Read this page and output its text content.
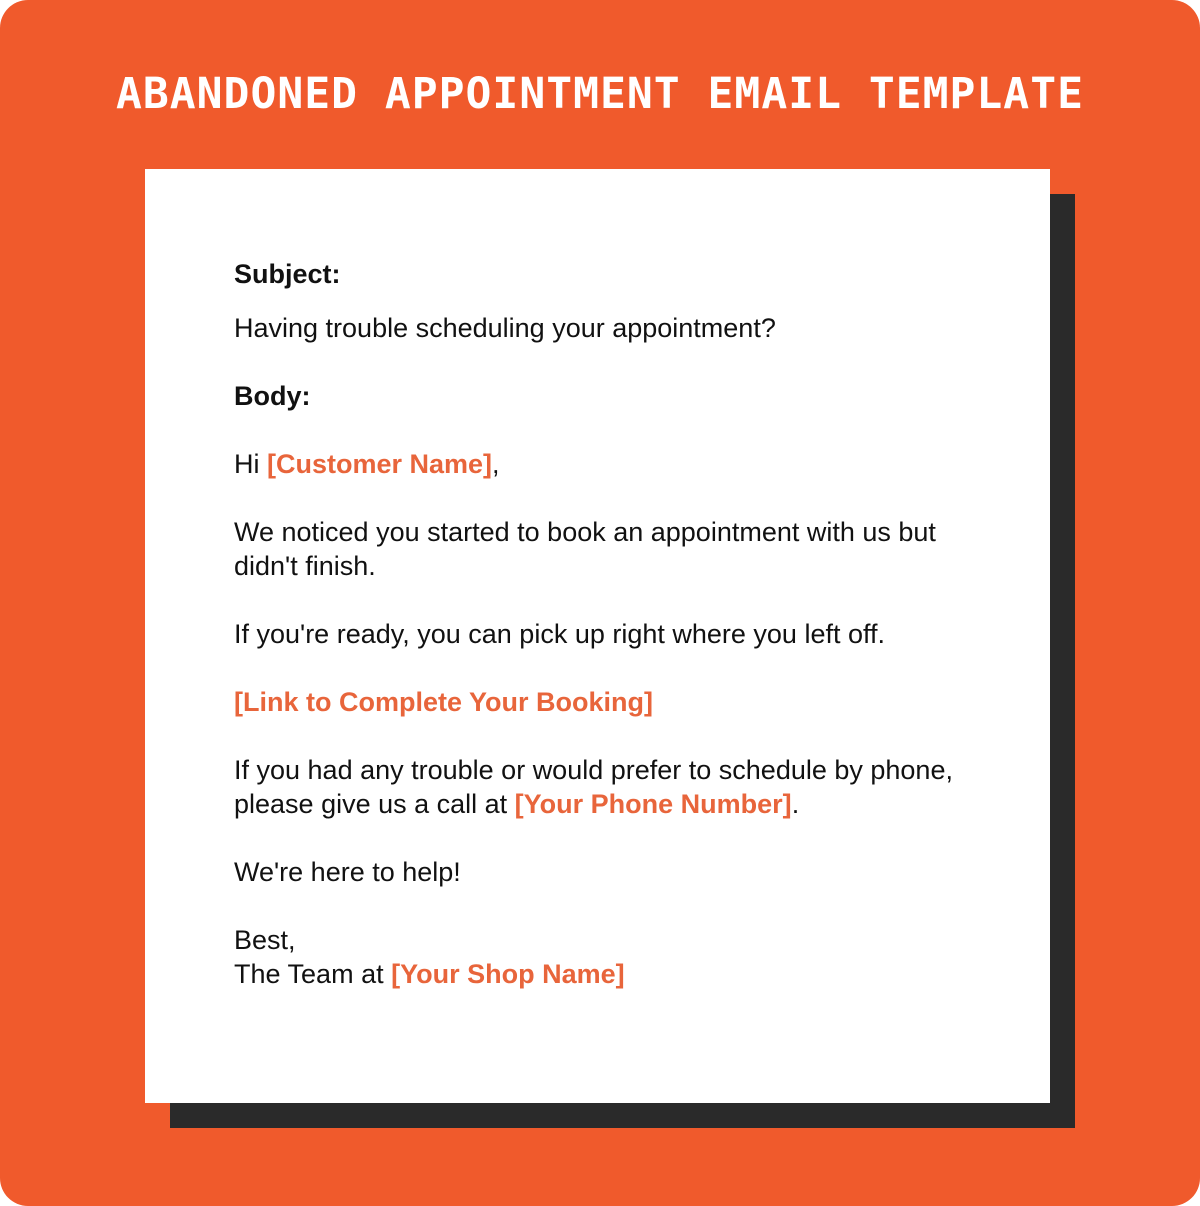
ABANDONED APPOINTMENT EMAIL TEMPLATE

Subject:

Having trouble scheduling your appointment?

Body:

Hi [Customer Name],

We noticed you started to book an appointment with us but didn't finish.

If you're ready, you can pick up right where you left off.

[Link to Complete Your Booking]

If you had any trouble or would prefer to schedule by phone, please give us a call at [Your Phone Number].

We're here to help!

Best,
The Team at [Your Shop Name]
